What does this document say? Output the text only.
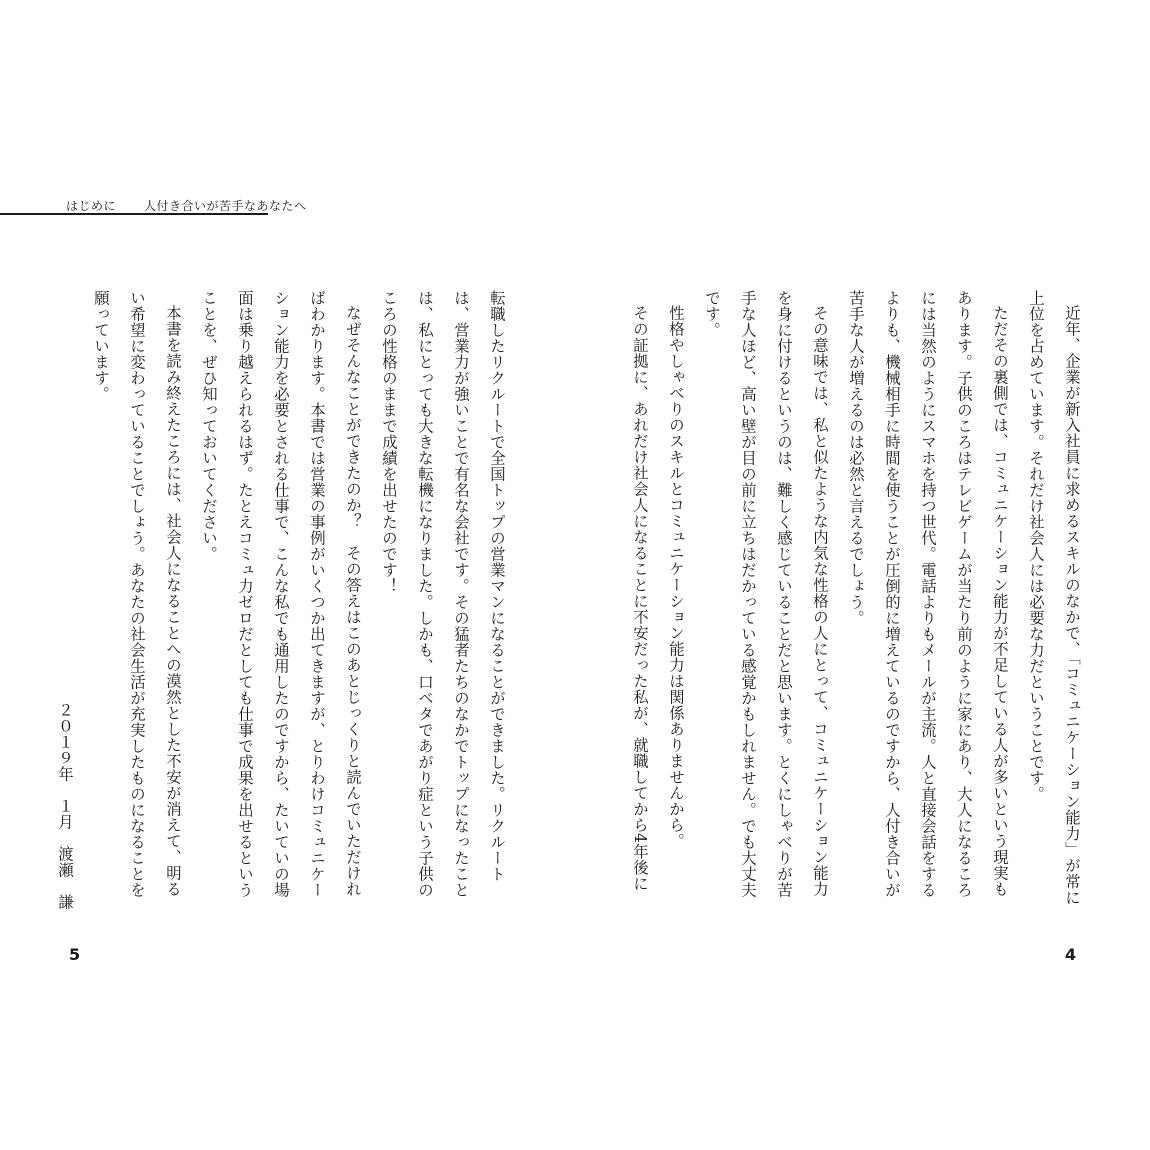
はじめに 人付き合いが苦手なあなたへ

近年、企業が新入社員に求めるスキルのなかで、「コミュニケーション能力」が常に上位を占めています。それだけ社会人には必要な力だということです。

ただその裏側では、コミュニケーション能力が不足している人が多いという現実もあります。子供のころはテレビゲームが当たり前のように家にあり、大人になるころには当然のようにスマホを持つ世代。電話よりもメールが主流。人と直接会話をするよりも、機械相手に時間を使うことが圧倒的に増えているのですから、人付き合いが苦手な人が増えるのは必然と言えるでしょう。

その意味では、私と似たような内気な性格の人にとって、コミュニケーション能力を身に付けるというのは、難しく感じていることだと思います。とくにしゃべりが苦手な人ほど、高い壁が目の前に立ちはだかっている感覚かもしれません。でも大丈夫です。

性格やしゃべりのスキルとコミュニケーション能力は関係ありませんから。

その証拠に、あれだけ社会人になることに不安だった私が、就職してから4年後に

転職したリクルートで全国トップの営業マンになることができました。リクルートは、営業力が強いことで有名な会社です。その猛者たちのなかでトップになったことは、私にとっても大きな転機になりました。しかも、口ベタであがり症という子供のころの性格のままで成績を出せたのです！

なぜそんなことができたのか？　その答えはこのあとじっくりと読んでいただければわかります。本書では営業の事例がいくつか出てきますが、とりわけコミュニケーション能力を必要とされる仕事で、こんな私でも通用したのですから、たいていの場面は乗り越えられるはず。たとえコミュ力ゼロだとしても仕事で成果を出せるということを、ぜひ知っておいてください。

本書を読み終えたころには、社会人になることへの漠然とした不安が消えて、明るい希望に変わっていることでしょう。あなたの社会生活が充実したものになることを願っています。

２０１９年　１月　渡瀬　謙

5	4
